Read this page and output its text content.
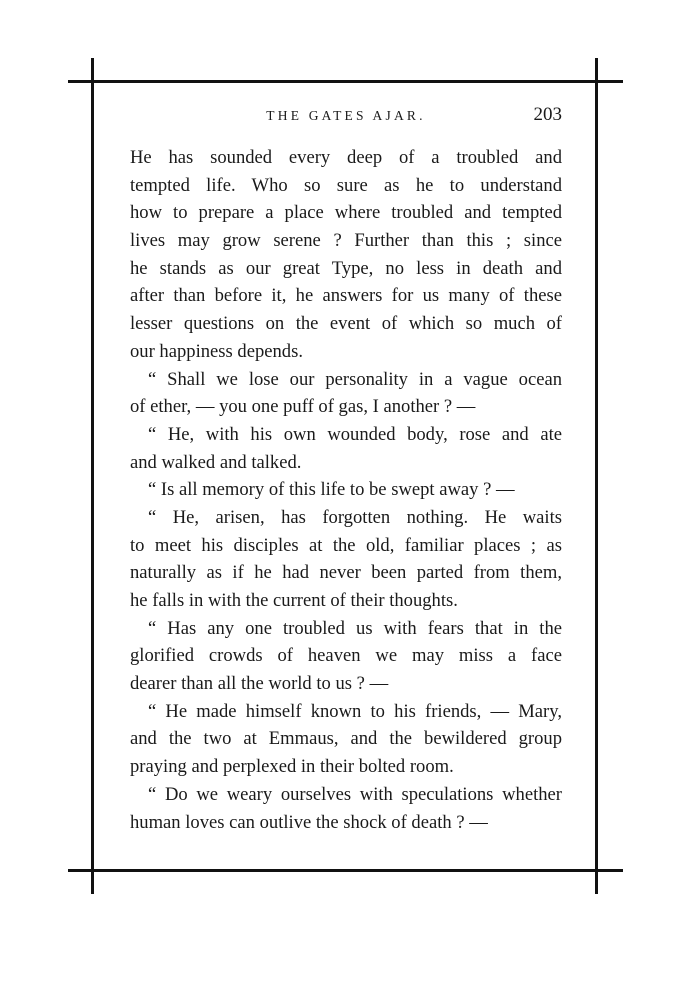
THE GATES AJAR.	203
He has sounded every deep of a troubled and
tempted life. Who so sure as he to understand
how to prepare a place where troubled and tempted
lives may grow serene ? Further than this ; since
he stands as our great Type, no less in death and
after than before it, he answers for us many of these
lesser questions on the event of which so much of
our happiness depends.
“ Shall we lose our personality in a vague ocean
of ether, — you one puff of gas, I another ? —
“ He, with his own wounded body, rose and ate
and walked and talked.
“ Is all memory of this life to be swept away ? —
“ He, arisen, has forgotten nothing. He waits
to meet his disciples at the old, familiar places ; as
naturally as if he had never been parted from them,
he falls in with the current of their thoughts.
“ Has any one troubled us with fears that in the
glorified crowds of heaven we may miss a face
dearer than all the world to us ? —
“ He made himself known to his friends, — Mary,
and the two at Emmaus, and the bewildered group
praying and perplexed in their bolted room.
“ Do we weary ourselves with speculations whether
human loves can outlive the shock of death ? —
